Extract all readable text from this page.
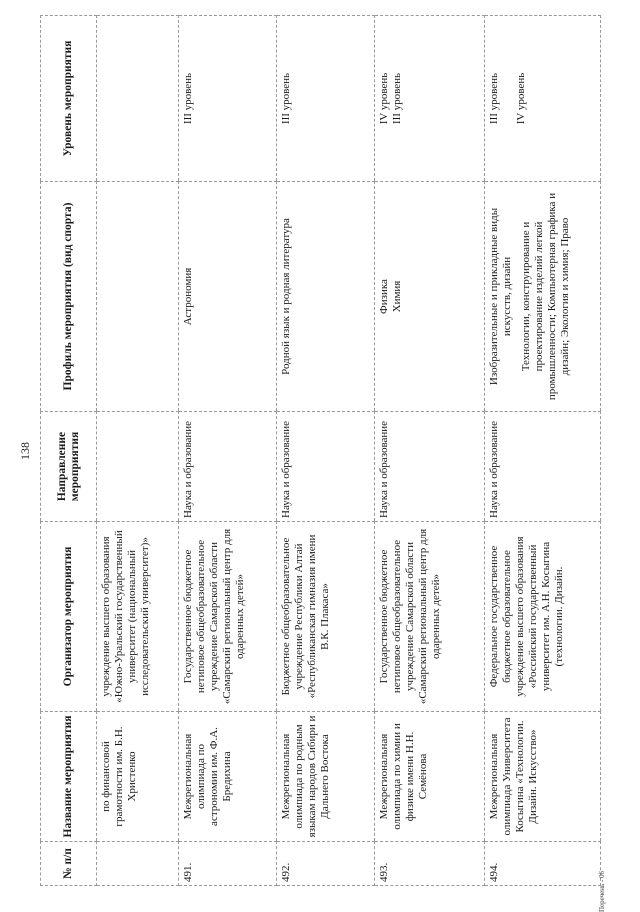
138
№ п/п	Название мероприятия	Организатор мероприятия	Направление мероприятия	Профиль мероприятия (вид спорта)	Уровень мероприятия
	по финансовой грамотности им. Б.Н. Христенко	учреждение высшего образования «Южно-Уральский государственный университет (национальный исследовательский университет)»			

491.	Межрегиональная олимпиада по астрономии им. Ф.А. Бредихина	Государственное бюджетное нетиповое общеобразовательное учреждение Самарской области «Самарский региональный центр для одаренных детей»	Наука и образование	Астрономия	III уровень

492.	Межрегиональная олимпиада по родным языкам народов Сибири и Дальнего Востока	Бюджетное общеобразовательное учреждение Республики Алтай «Республиканская гимназия имени В.К. Плакаса»	Наука и образование	Родной язык и родная литература	III уровень

493.	Межрегиональная олимпиада по химии и физике имени Н.Н. Семёнова	Государственное бюджетное нетиповое общеобразовательное учреждение Самарской области «Самарский региональный центр для одаренных детей»	Наука и образование	Физика Химия	IV уровень III уровень

494.	Межрегиональная олимпиада Университета Косыгина «Технологии. Дизайн. Искусство»	Федеральное государственное бюджетное образовательное учреждение высшего образования «Российский государственный университет им. А.Н. Косыгина (технологии. Дизайн.	Наука и образование	Изобразительные и прикладные виды искусств, дизайн Технологии, конструирование и проектирование изделий легкой промышленности; Компьютерная графика и дизайн; Экология и химия; Право	III уровень IV уровень
Перечень - 06
